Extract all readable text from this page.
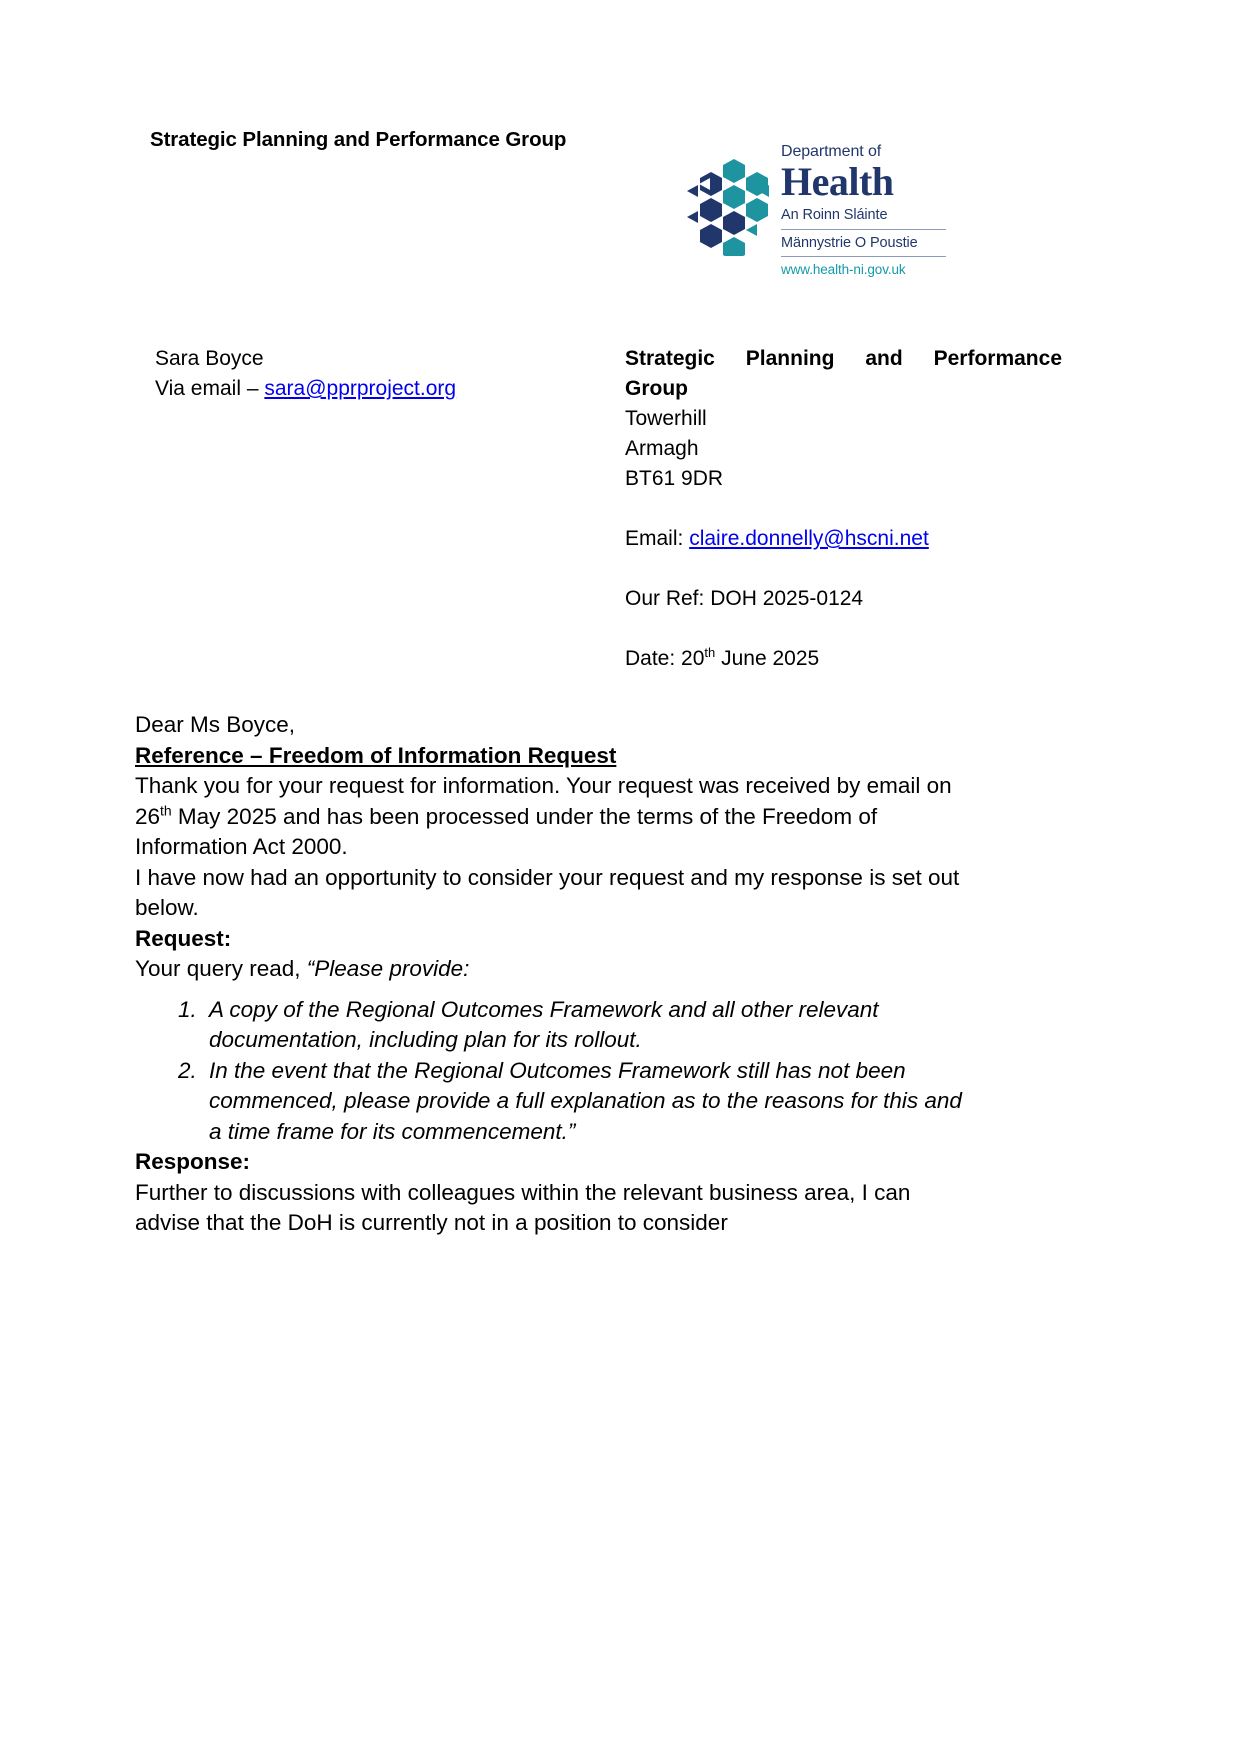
Strategic Planning and Performance Group
Department of
Health
An Roinn Sláinte
Männystrie O Poustie
www.health-ni.gov.uk
Sara Boyce
Via email – sara@pprproject.org
Strategic Planning and Performance
Group
Towerhill
Armagh
BT61 9DR
Email: claire.donnelly@hscni.net
Our Ref: DOH 2025-0124
Date: 20th June 2025

Dear Ms Boyce,

Reference – Freedom of Information Request

Thank you for your request for information. Your request was received by email on 26th May 2025 and has been processed under the terms of the Freedom of Information Act 2000.

I have now had an opportunity to consider your request and my response is set out below.

Request:

Your query read, “Please provide:

1. A copy of the Regional Outcomes Framework and all other relevant documentation, including plan for its rollout.
2. In the event that the Regional Outcomes Framework still has not been commenced, please provide a full explanation as to the reasons for this and a time frame for its commencement.”

Response:

Further to discussions with colleagues within the relevant business area, I can advise that the DoH is currently not in a position to consider
